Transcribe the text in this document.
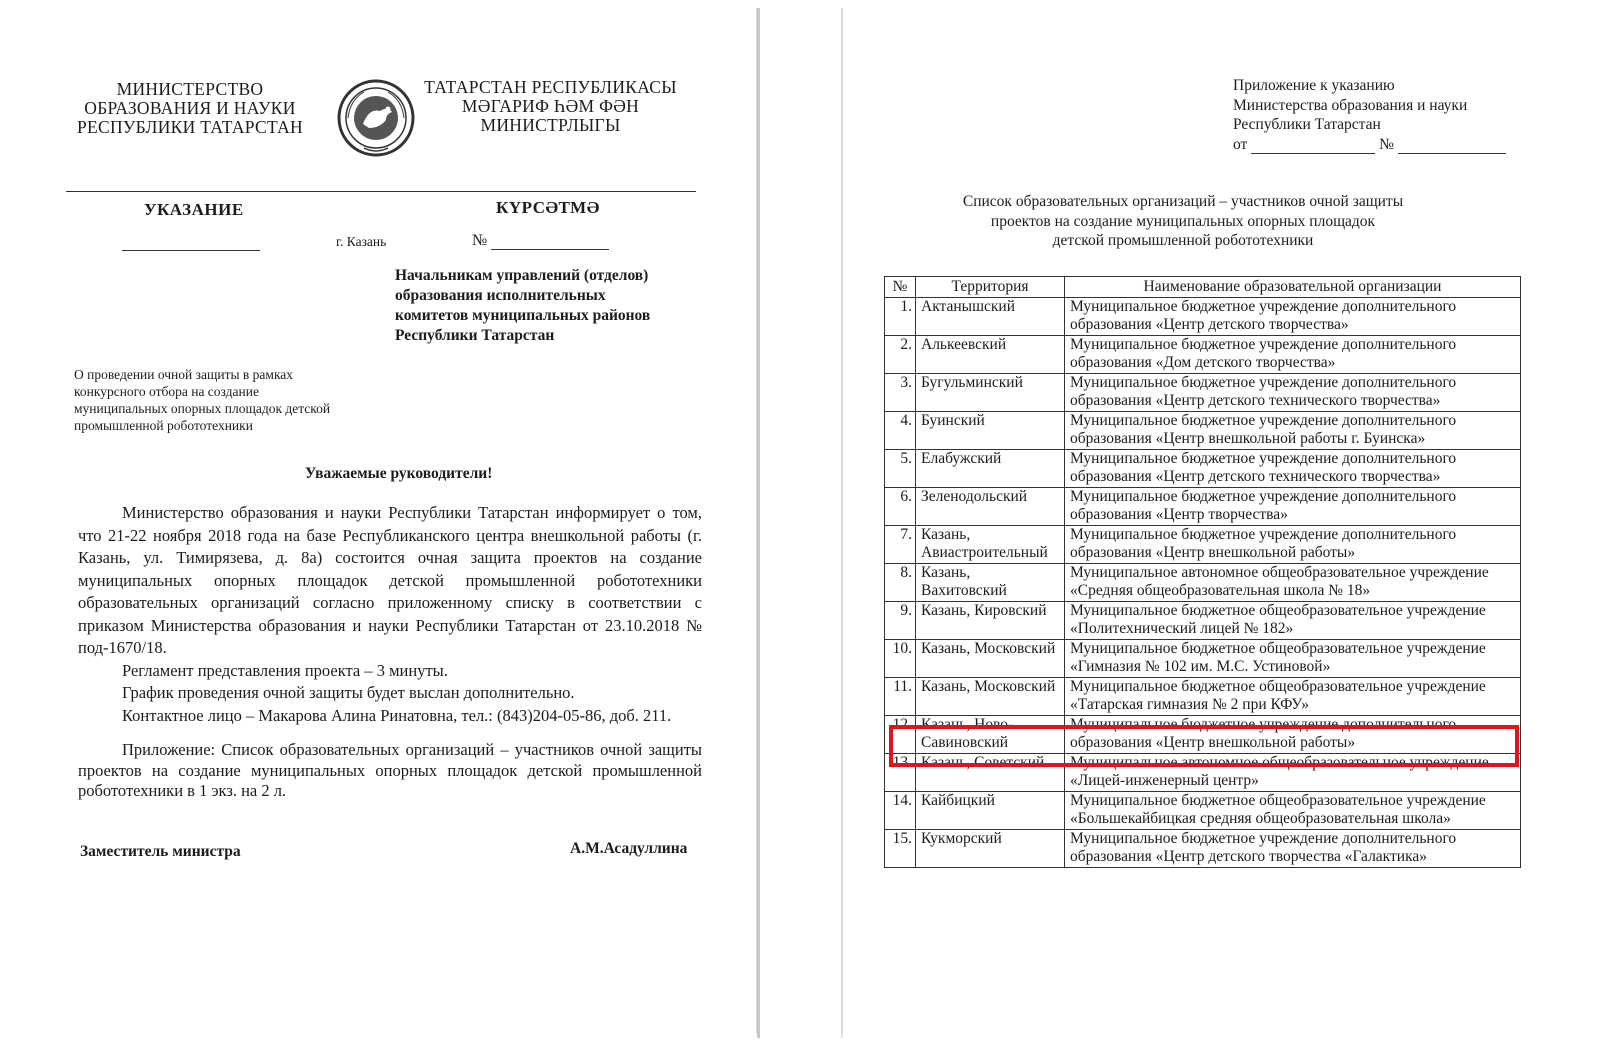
МИНИСТЕРСТВО
ОБРАЗОВАНИЯ И НАУКИ
РЕСПУБЛИКИ ТАТАРСТАН
ТАТАРСТАН РЕСПУБЛИКАСЫ
МӘГАРИФ ҺӘМ ФӘН
МИНИСТРЛЫГЫ
УКАЗАНИЕ	КҮРСӘТМӘ
г. Казань	№
Начальникам управлений (отделов)
образования исполнительных
комитетов муниципальных районов
Республики Татарстан
О проведении очной защиты в рамках
конкурсного отбора на создание
муниципальных опорных площадок детской
промышленной робототехники
Уважаемые руководители!

Министерство образования и науки Республики Татарстан информирует о том, что 21-22 ноября 2018 года на базе Республиканского центра внешкольной работы (г. Казань, ул. Тимирязева, д. 8а) состоится очная защита проектов на создание муниципальных опорных площадок детской промышленной робототехники образовательных организаций согласно приложенному списку в соответствии с приказом Министерства образования и науки Республики Татарстан от 23.10.2018 № под-1670/18.

Регламент представления проекта – 3 минуты.

График проведения очной защиты будет выслан дополнительно.

Контактное лицо – Макарова Алина Ринатовна, тел.: (843)204-05-86, доб. 211.

Приложение: Список образовательных организаций – участников очной защиты проектов на создание муниципальных опорных площадок детской промышленной робототехники в 1 экз. на 2 л.

Заместитель министра	А.М.Асадуллина
Приложение к указанию
Министерства образования и науки
Республики Татарстан
от	№
Список образовательных организаций – участников очной защиты
проектов на создание муниципальных опорных площадок
детской промышленной робототехники
№	Территория	Наименование образовательной организации
1.	Актанышский	Муниципальное бюджетное учреждение дополнительного образования «Центр детского творчества»
2.	Алькеевский	Муниципальное бюджетное учреждение дополнительного образования «Дом детского творчества»
3.	Бугульминский	Муниципальное бюджетное учреждение дополнительного образования «Центр детского технического творчества»
4.	Буинский	Муниципальное бюджетное учреждение дополнительного образования «Центр внешкольной работы г. Буинска»
5.	Елабужский	Муниципальное бюджетное учреждение дополнительного образования «Центр детского технического творчества»
6.	Зеленодольский	Муниципальное бюджетное учреждение дополнительного образования «Центр творчества»
7.	Казань, Авиастроительный	Муниципальное бюджетное учреждение дополнительного образования «Центр внешкольной работы»
8.	Казань, Вахитовский	Муниципальное автономное общеобразовательное учреждение «Средняя общеобразовательная школа № 18»
9.	Казань, Кировский	Муниципальное бюджетное общеобразовательное учреждение «Политехнический лицей № 182»
10.	Казань, Московский	Муниципальное бюджетное общеобразовательное учреждение «Гимназия № 102 им. М.С. Устиновой»
11.	Казань, Московский	Муниципальное бюджетное общеобразовательное учреждение «Татарская гимназия № 2 при КФУ»
12.	Казань, Ново-Савиновский	Муниципальное бюджетное учреждение дополнительного образования «Центр внешкольной работы»
13.	Казань, Советский	Муниципальное автономное общеобразовательное учреждение «Лицей-инженерный центр»
14.	Кайбицкий	Муниципальное бюджетное общеобразовательное учреждение «Большекайбицкая средняя общеобразовательная школа»
15.	Кукморский	Муниципальное бюджетное учреждение дополнительного образования «Центр детского творчества «Галактика»
